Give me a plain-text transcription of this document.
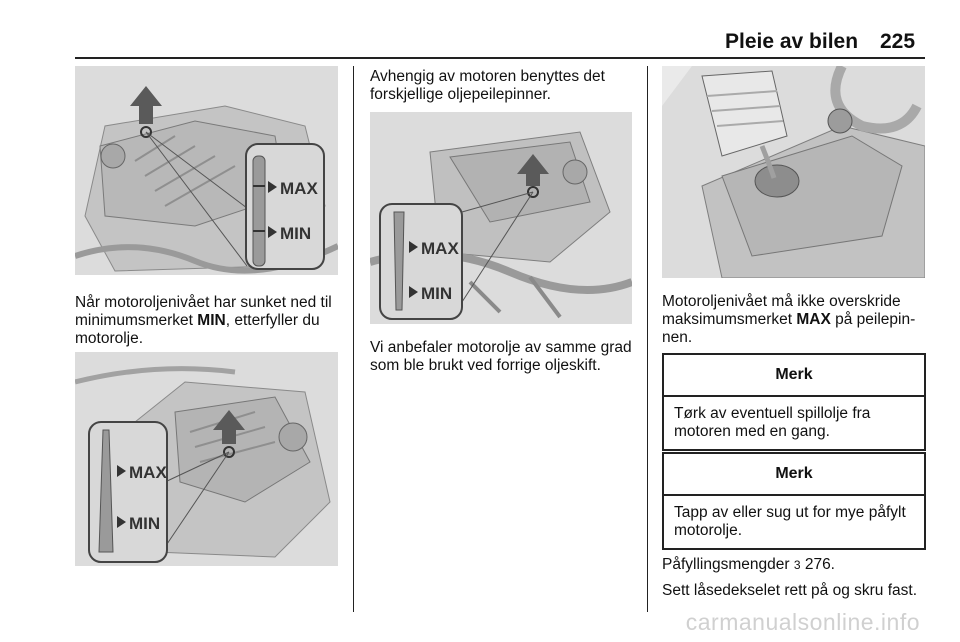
Pleie av bilen 225
MAX
MIN
Når motoroljenivået har sunket ned til minimumsmerket MIN, etterfyller du motorolje.
MAX
MIN
Avhengig av motoren benyttes det forskjellige oljepeilepinner.
MAX
MIN
Vi anbefaler motorolje av samme grad som ble brukt ved forrige oljeskift.
Motoroljenivået må ikke overskride maksimumsmerket MAX på peilepinnen.
Merk
Tørk av eventuell spillolje fra motoren med en gang.
Merk
Tapp av eller sug ut for mye påfylt motorolje.
Påfyllingsmengder 3 276.
Sett låsedekselet rett på og skru fast.
carmanualsonline.info
